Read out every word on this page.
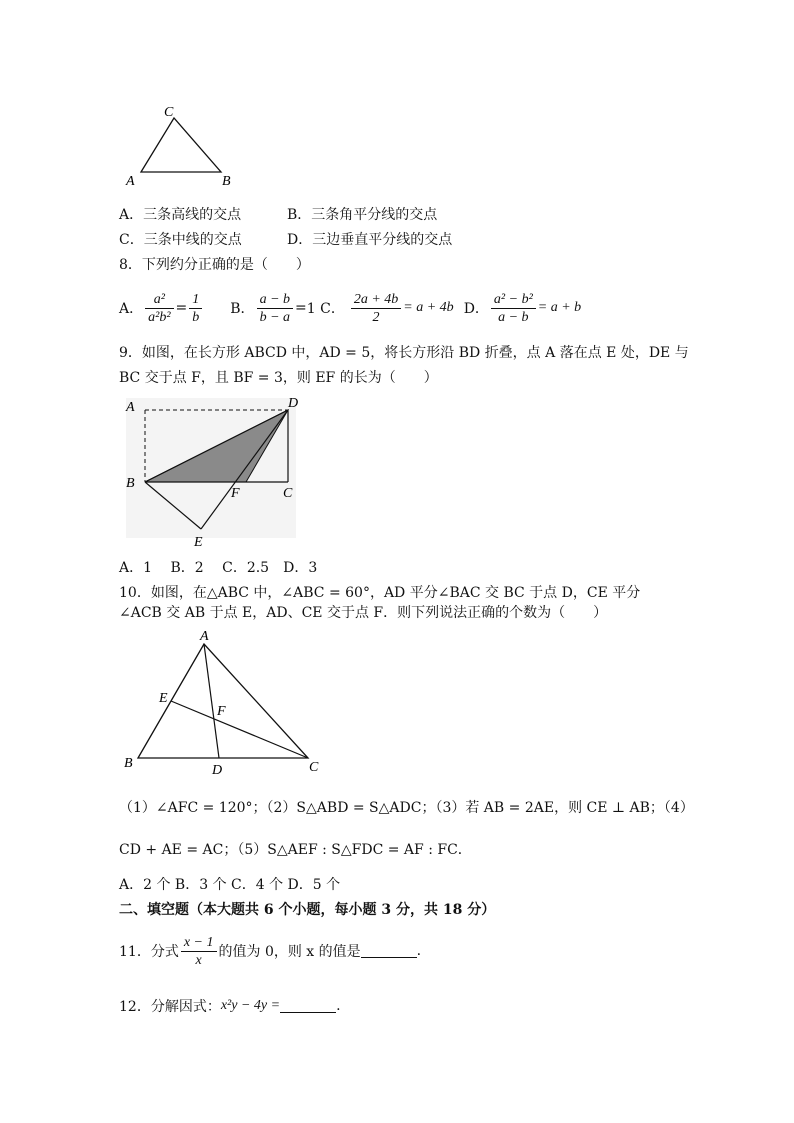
A	B
C
A．三条高线的交点	B．三条角平分线的交点
C．三条中线的交点	D．三边垂直平分线的交点
8．下列约分正确的是（　　）
A． $\frac{\text{a²}}{\text{a²b²}} = \frac{1}{b}$ B． $\frac{a - b}{b - a} = 1$ C． $\frac{2a + 4b}{2} = a + 4b$ D． $\frac{\text{a² − b²}}{a - b} = a + b$
9．如图，在长方形 ABCD 中，AD = 5，将长方形沿 BD 折叠，点 A 落在点 E 处，DE 与
BC 交于点 F，且 BF = 3，则 EF 的长为（　　）
A	D
B
F	C
E
A．1　 B．2　 C．2.5　D．3
10．如图，在△ABC 中，∠ABC = 60°，AD 平分∠BAC 交 BC 于点 D，CE 平分
∠ACB 交 AB 于点 E，AD、CE 交于点 F．则下列说法正确的个数为（　　）
A
E
F
B	D	C
（1）∠AFC = 120°；（2）S△ABD = S△ADC；（3）若 AB = 2AE，则 CE ⊥ AB；（4）
CD + AE = AC；（5）S△AEF : S△FDC = AF : FC．
A．2 个 B．3 个 C．4 个 D．5 个
二、填空题（本大题共 6 个小题，每小题 3 分，共 18 分）
11．分式 $\frac{x - 1}{x}$ 的值为 0，则 x 的值是	.
12．分解因式： x²y − 4y =	.
